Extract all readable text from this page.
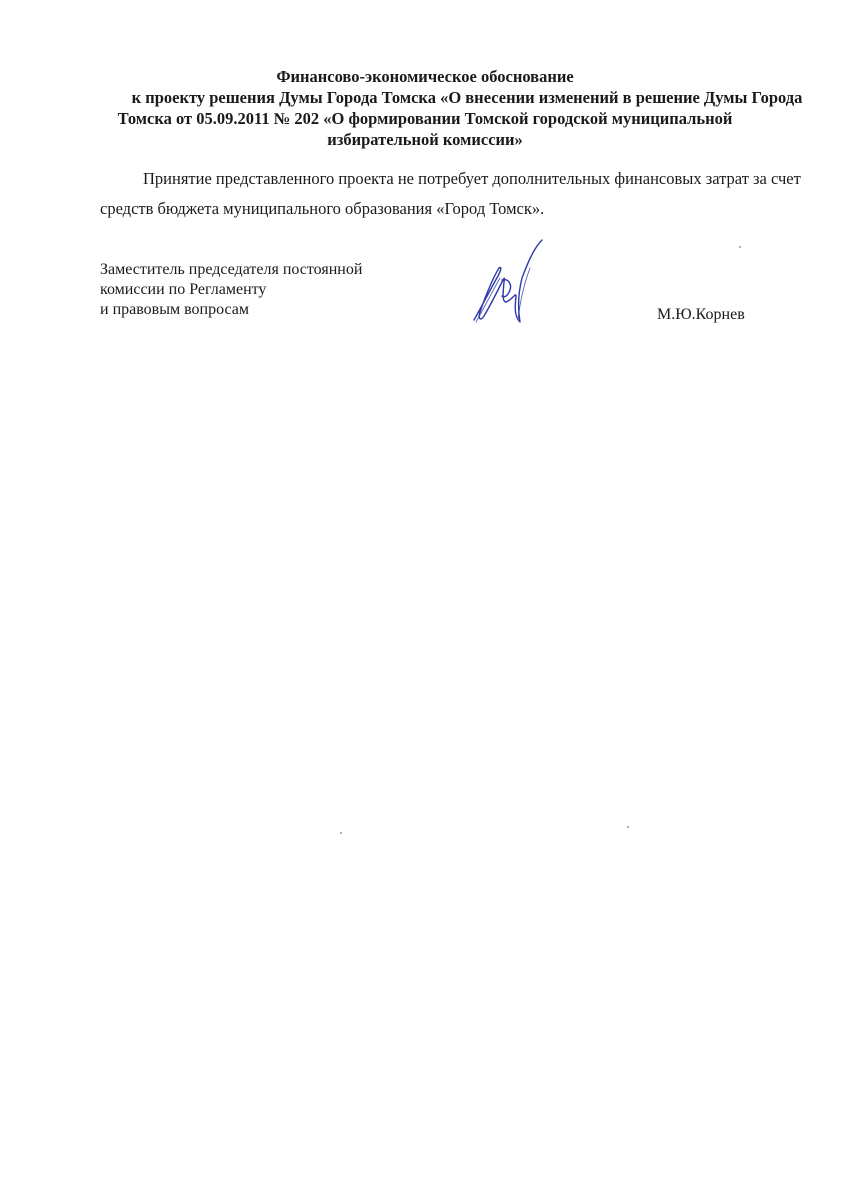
Финансово-экономическое обоснование
к проекту решения Думы Города Томска «О внесении изменений в решение Думы Города
Томска от 05.09.2011 № 202 «О формировании Томской городской муниципальной
избирательной комиссии»
Принятие представленного проекта не потребует дополнительных финансовых затрат за счет
средств бюджета муниципального образования «Город Томск».
Заместитель председателя постоянной
комиссии по Регламенту
и правовым вопросам	М.Ю.Корнев
